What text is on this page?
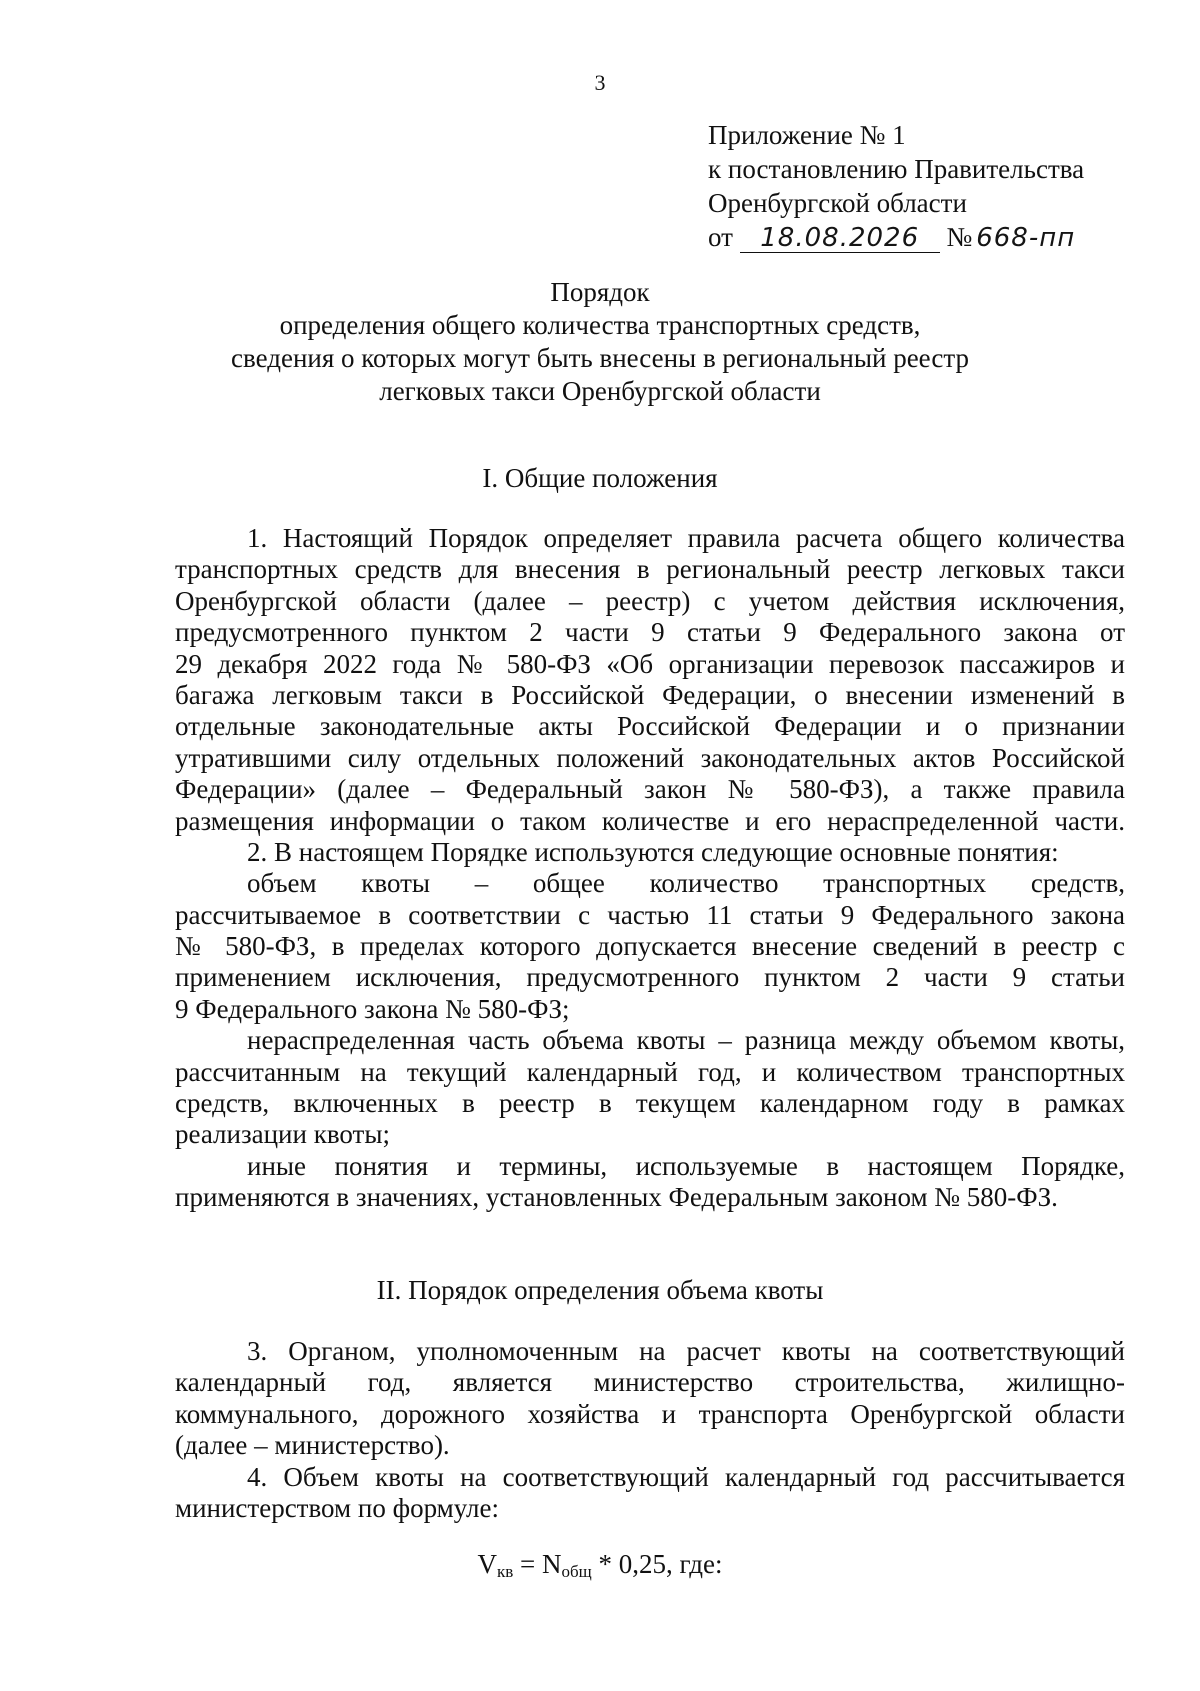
3
Приложение № 1
к постановлению Правительства
Оренбургской области
от 18.08.2026 № 668-пп
Порядок
определения общего количества транспортных средств,
сведения о которых могут быть внесены в региональный реестр
легковых такси Оренбургской области
I. Общие положения
1. Настоящий Порядок определяет правила расчета общего количества
транспортных средств для внесения в региональный реестр легковых такси
Оренбургской области (далее – реестр) с учетом действия исключения,
предусмотренного пунктом 2 части 9 статьи 9 Федерального закона от
29 декабря 2022 года № 580-ФЗ «Об организации перевозок пассажиров и
багажа легковым такси в Российской Федерации, о внесении изменений в
отдельные законодательные акты Российской Федерации и о признании
утратившими силу отдельных положений законодательных актов Российской
Федерации» (далее – Федеральный закон № 580-ФЗ), а также правила
размещения информации о таком количестве и его нераспределенной части.
2. В настоящем Порядке используются следующие основные понятия:
объем квоты – общее количество транспортных средств,
рассчитываемое в соответствии с частью 11 статьи 9 Федерального закона
№ 580-ФЗ, в пределах которого допускается внесение сведений в реестр с
применением исключения, предусмотренного пунктом 2 части 9 статьи
9 Федерального закона № 580-ФЗ;
нераспределенная часть объема квоты – разница между объемом квоты,
рассчитанным на текущий календарный год, и количеством транспортных
средств, включенных в реестр в текущем календарном году в рамках
реализации квоты;
иные понятия и термины, используемые в настоящем Порядке,
применяются в значениях, установленных Федеральным законом № 580-ФЗ.
II. Порядок определения объема квоты
3. Органом, уполномоченным на расчет квоты на соответствующий
календарный год, является министерство строительства, жилищно-
коммунального, дорожного хозяйства и транспорта Оренбургской области
(далее – министерство).
4. Объем квоты на соответствующий календарный год рассчитывается
министерством по формуле:
$V_{кв} = N_{общ} * 0,25$, где:
